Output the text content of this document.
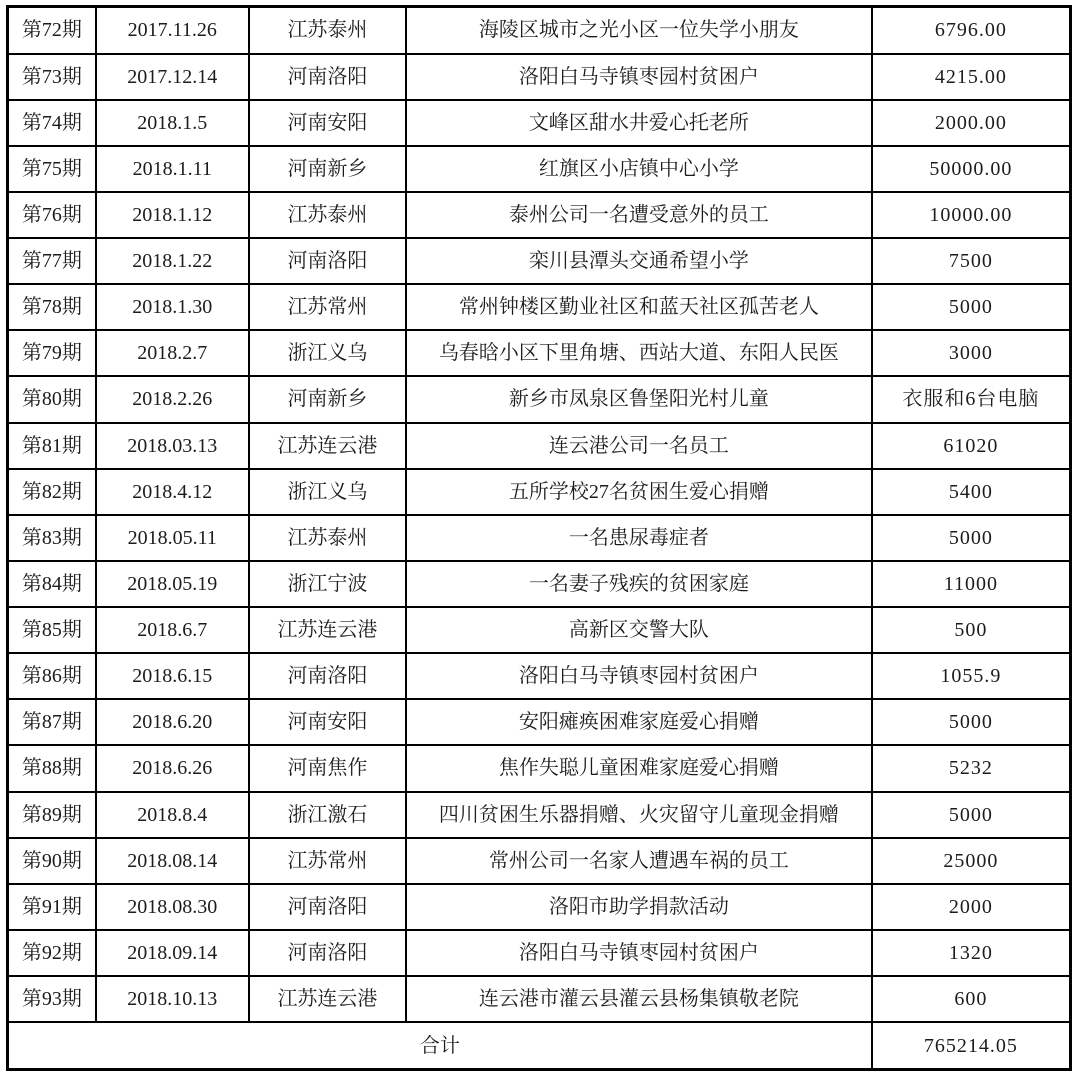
第72期	2017.11.26	江苏泰州	海陵区城市之光小区一位失学小朋友	6796.00
第73期	2017.12.14	河南洛阳	洛阳白马寺镇枣园村贫困户	4215.00
第74期	2018.1.5	河南安阳	文峰区甜水井爱心托老所	2000.00
第75期	2018.1.11	河南新乡	红旗区小店镇中心小学	50000.00
第76期	2018.1.12	江苏泰州	泰州公司一名遭受意外的员工	10000.00
第77期	2018.1.22	河南洛阳	栾川县潭头交通希望小学	7500
第78期	2018.1.30	江苏常州	常州钟楼区勤业社区和蓝天社区孤苦老人	5000
第79期	2018.2.7	浙江义乌	乌春晗小区下里角塘、西站大道、东阳人民医	3000
第80期	2018.2.26	河南新乡	新乡市凤泉区鲁堡阳光村儿童	衣服和6台电脑
第81期	2018.03.13	江苏连云港	连云港公司一名员工	61020
第82期	2018.4.12	浙江义乌	五所学校27名贫困生爱心捐赠	5400
第83期	2018.05.11	江苏泰州	一名患尿毒症者	5000
第84期	2018.05.19	浙江宁波	一名妻子残疾的贫困家庭	11000
第85期	2018.6.7	江苏连云港	高新区交警大队	500
第86期	2018.6.15	河南洛阳	洛阳白马寺镇枣园村贫困户	1055.9
第87期	2018.6.20	河南安阳	安阳瘫痪困难家庭爱心捐赠	5000
第88期	2018.6.26	河南焦作	焦作失聪儿童困难家庭爱心捐赠	5232
第89期	2018.8.4	浙江激石	四川贫困生乐器捐赠、火灾留守儿童现金捐赠	5000
第90期	2018.08.14	江苏常州	常州公司一名家人遭遇车祸的员工	25000
第91期	2018.08.30	河南洛阳	洛阳市助学捐款活动	2000
第92期	2018.09.14	河南洛阳	洛阳白马寺镇枣园村贫困户	1320
第93期	2018.10.13	江苏连云港	连云港市灌云县灌云县杨集镇敬老院	600
合计				765214.05
